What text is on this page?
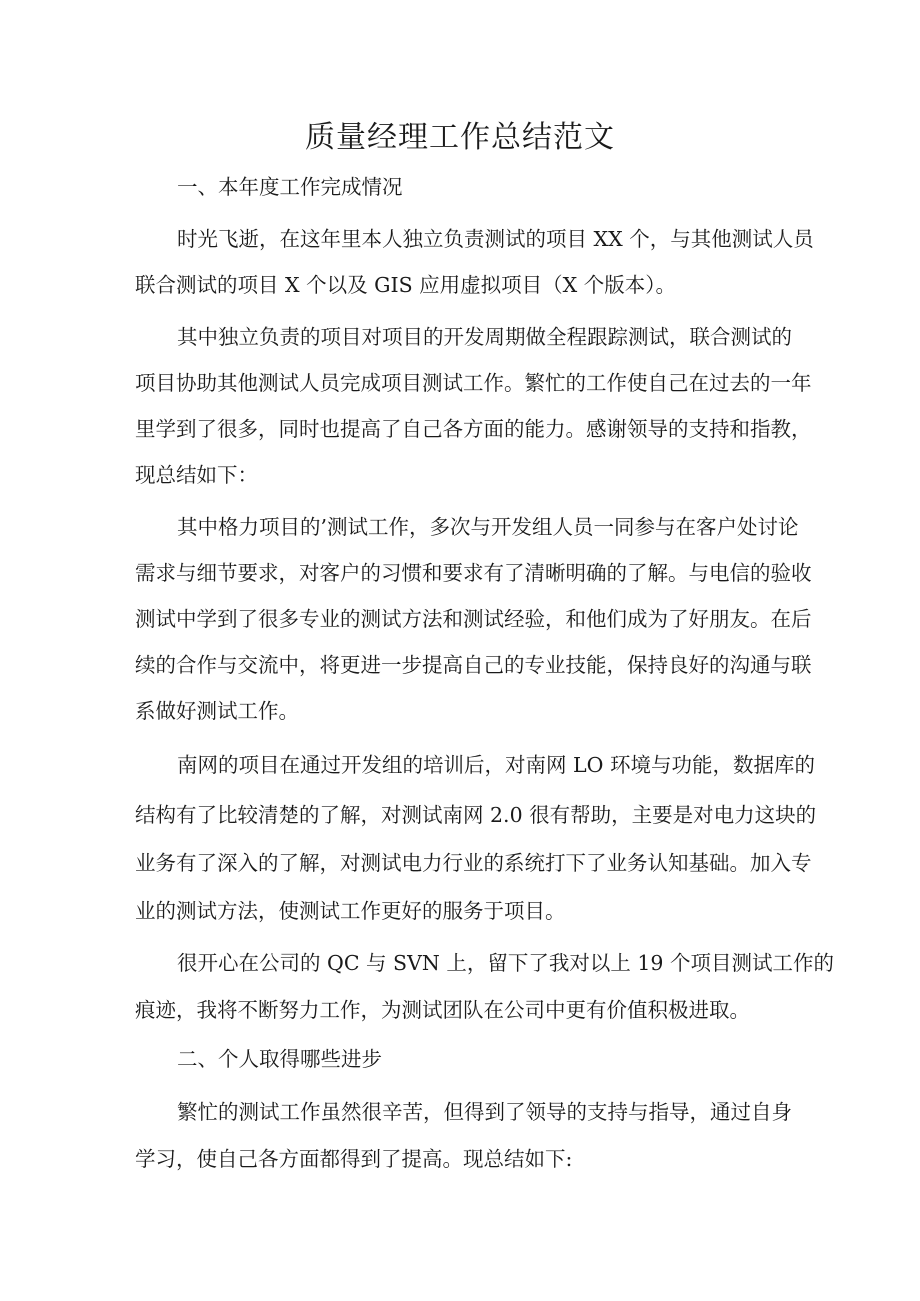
质量经理工作总结范文

一、本年度工作完成情况

时光飞逝，在这年里本人独立负责测试的项目 XX 个，与其他测试人员

联合测试的项目 X 个以及 GIS 应用虚拟项目（X 个版本）。

其中独立负责的项目对项目的开发周期做全程跟踪测试，联合测试的

项目协助其他测试人员完成项目测试工作。繁忙的工作使自己在过去的一年

里学到了很多，同时也提高了自己各方面的能力。感谢领导的支持和指教，

现总结如下：

其中格力项目的’测试工作，多次与开发组人员一同参与在客户处讨论

需求与细节要求，对客户的习惯和要求有了清晰明确的了解。与电信的验收

测试中学到了很多专业的测试方法和测试经验，和他们成为了好朋友。在后

续的合作与交流中，将更进一步提高自己的专业技能，保持良好的沟通与联

系做好测试工作。

南网的项目在通过开发组的培训后，对南网 LO 环境与功能，数据库的

结构有了比较清楚的了解，对测试南网 2.0 很有帮助，主要是对电力这块的

业务有了深入的了解，对测试电力行业的系统打下了业务认知基础。加入专

业的测试方法，使测试工作更好的服务于项目。

很开心在公司的 QC 与 SVN 上，留下了我对以上 19 个项目测试工作的

痕迹，我将不断努力工作，为测试团队在公司中更有价值积极进取。

二、个人取得哪些进步

繁忙的测试工作虽然很辛苦，但得到了领导的支持与指导，通过自身

学习，使自己各方面都得到了提高。现总结如下:
